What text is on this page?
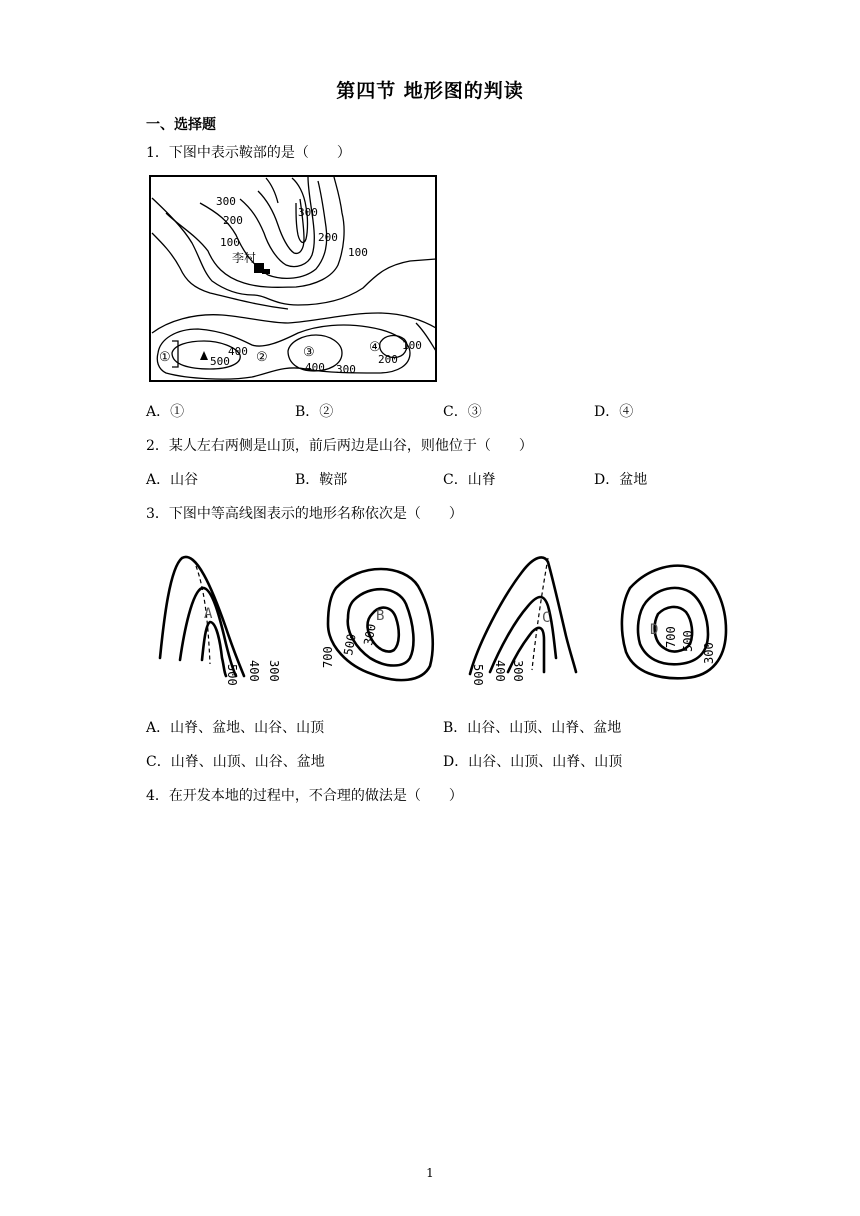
第四节 地形图的判读
一、选择题
1．下图中表示鞍部的是（　　）
300
200
100
300
200
100
400
500	400 300
200
100
李村
①	②	③	④
A．①	B．②	C．③	D．④
2．某人左右两侧是山顶，前后两边是山谷，则他位于（　　）
A．山谷	B．鞍部	C．山脊	D．盆地
3．下图中等高线图表示的地形名称依次是（　　）
A	B	C
D
500 400 300
700
500 300
500 400 300
700 500
300
A．山脊、盆地、山谷、山顶	B．山谷、山顶、山脊、盆地
C．山脊、山顶、山谷、盆地	D．山谷、山顶、山脊、山顶
4．在开发本地的过程中，不合理的做法是（　　）
1
